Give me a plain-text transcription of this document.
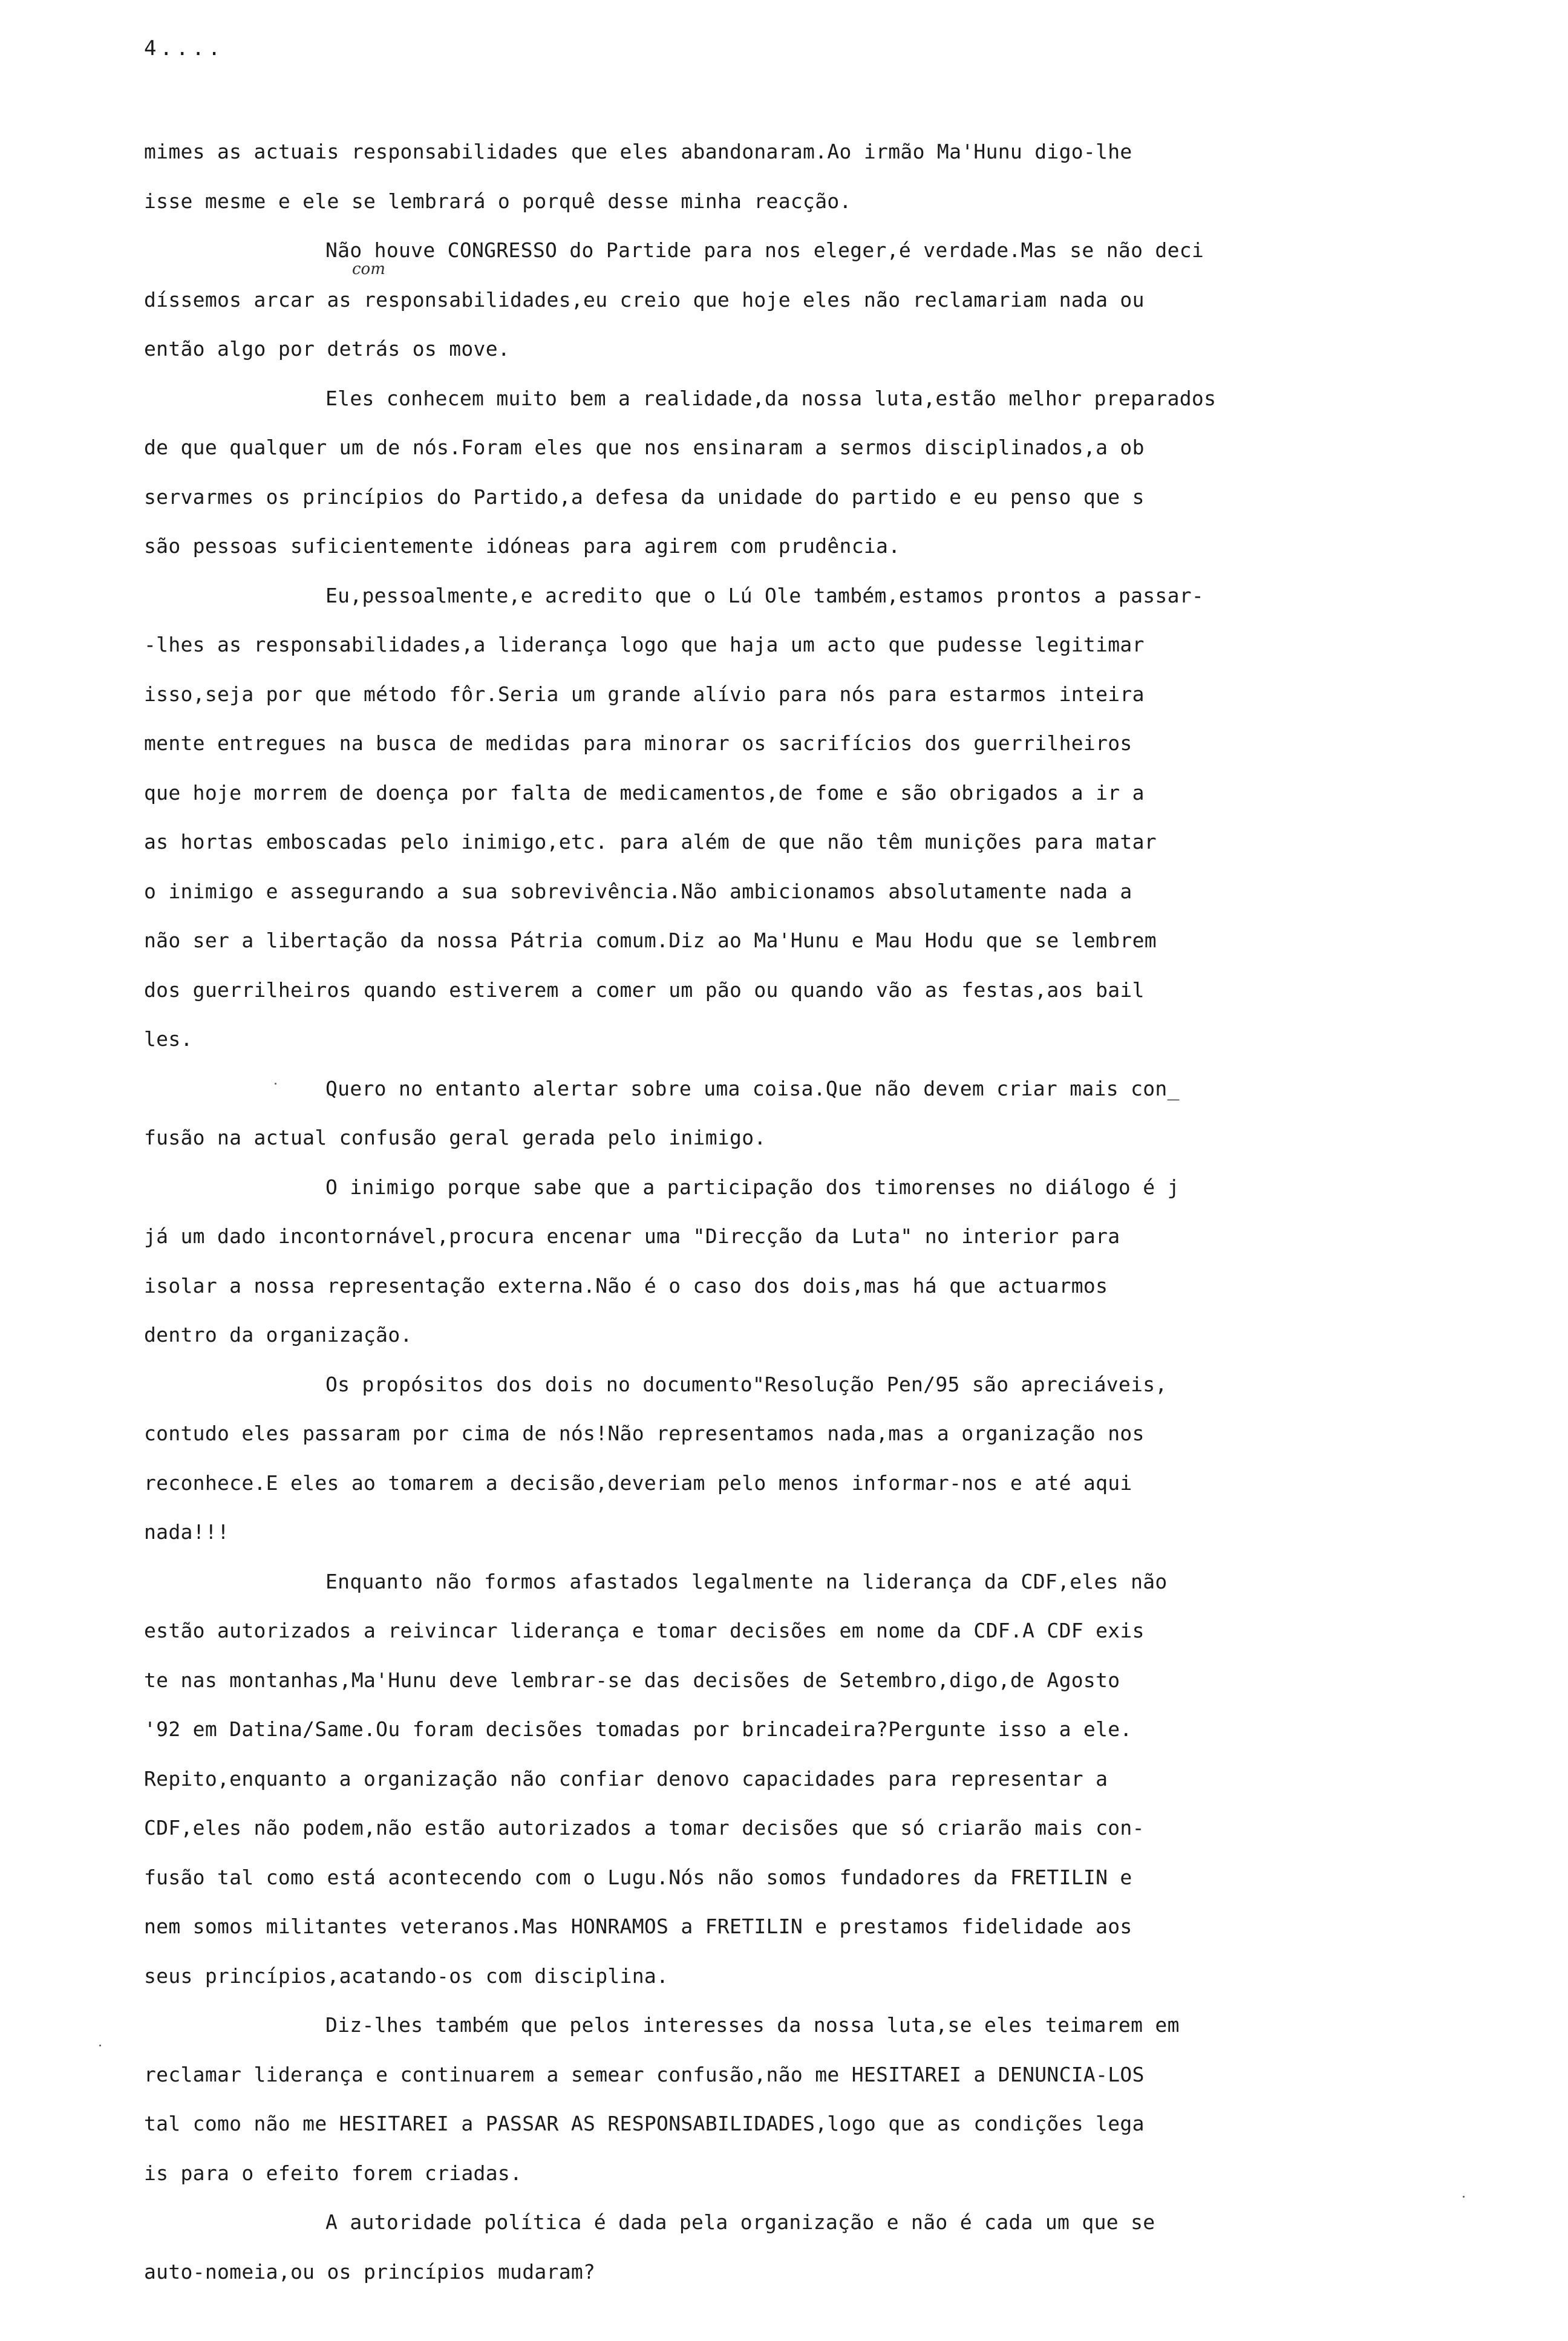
4....
com
mimes as actuais responsabilidades que eles abandonaram.Ao irmão Ma'Hunu digo-lhe
isse mesme e ele se lembrará o porquê desse minha reacção.
Não houve CONGRESSO do Partide para nos eleger,é verdade.Mas se não deci
díssemos arcar as responsabilidades,eu creio que hoje eles não reclamariam nada ou
então algo por detrás os move.
Eles conhecem muito bem a realidade,da nossa luta,estão melhor preparados
de que qualquer um de nós.Foram eles que nos ensinaram a sermos disciplinados,a ob
servarmes os princípios do Partido,a defesa da unidade do partido e eu penso que s
são pessoas suficientemente idóneas para agirem com prudência.
Eu,pessoalmente,e acredito que o Lú Ole também,estamos prontos a passar-
-lhes as responsabilidades,a liderança logo que haja um acto que pudesse legitimar
isso,seja por que método fôr.Seria um grande alívio para nós para estarmos inteira
mente entregues na busca de medidas para minorar os sacrifícios dos guerrilheiros
que hoje morrem de doença por falta de medicamentos,de fome e são obrigados a ir a
as hortas emboscadas pelo inimigo,etc. para além de que não têm munições para matar
o inimigo e assegurando a sua sobrevivência.Não ambicionamos absolutamente nada a
não ser a libertação da nossa Pátria comum.Diz ao Ma'Hunu e Mau Hodu que se lembrem
dos guerrilheiros quando estiverem a comer um pão ou quando vão as festas,aos bail
les.
Quero no entanto alertar sobre uma coisa.Que não devem criar mais con_
fusão na actual confusão geral gerada pelo inimigo.
O inimigo porque sabe que a participação dos timorenses no diálogo é j
já um dado incontornável,procura encenar uma "Direcção da Luta" no interior para
isolar a nossa representação externa.Não é o caso dos dois,mas há que actuarmos
dentro da organização.
Os propósitos dos dois no documento"Resolução Pen/95 são apreciáveis,
contudo eles passaram por cima de nós!Não representamos nada,mas a organização nos
reconhece.E eles ao tomarem a decisão,deveriam pelo menos informar-nos e até aqui
nada!!!
Enquanto não formos afastados legalmente na liderança da CDF,eles não
estão autorizados a reivincar liderança e tomar decisões em nome da CDF.A CDF exis
te nas montanhas,Ma'Hunu deve lembrar-se das decisões de Setembro,digo,de Agosto
'92 em Datina/Same.Ou foram decisões tomadas por brincadeira?Pergunte isso a ele.
Repito,enquanto a organização não confiar denovo capacidades para representar a
CDF,eles não podem,não estão autorizados a tomar decisões que só criarão mais con-
fusão tal como está acontecendo com o Lugu.Nós não somos fundadores da FRETILIN e
nem somos militantes veteranos.Mas HONRAMOS a FRETILIN e prestamos fidelidade aos
seus princípios,acatando-os com disciplina.
Diz-lhes também que pelos interesses da nossa luta,se eles teimarem em
reclamar liderança e continuarem a semear confusão,não me HESITAREI a DENUNCIA-LOS
tal como não me HESITAREI a PASSAR AS RESPONSABILIDADES,logo que as condições lega
is para o efeito forem criadas.
A autoridade política é dada pela organização e não é cada um que se
auto-nomeia,ou os princípios mudaram?
